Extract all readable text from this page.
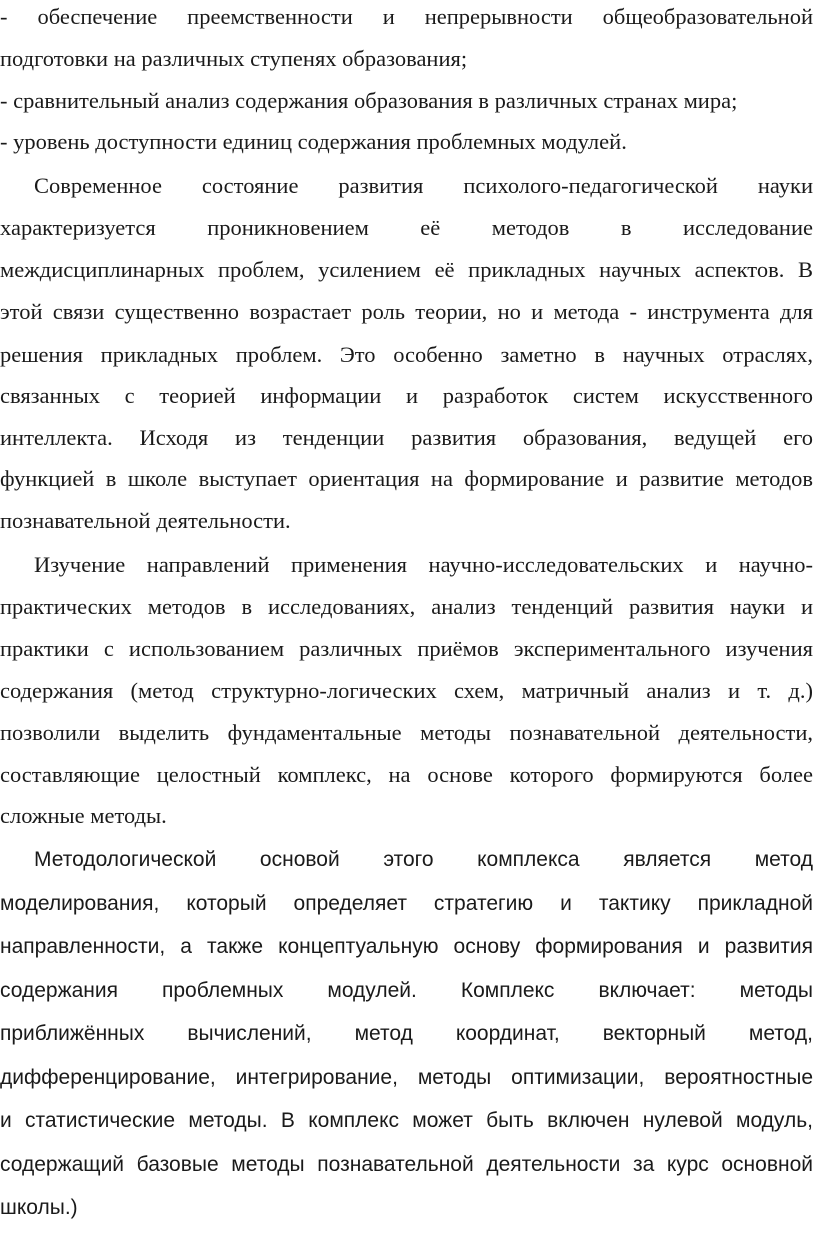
- обеспечение преемственности и непрерывности общеобразовательной
подготовки на различных ступенях образования;
- сравнительный анализ содержания образования в различных странах мира;
- уровень доступности единиц содержания проблемных модулей.
Современное состояние развития психолого-педагогической науки
характеризуется проникновением её методов в исследование
междисциплинарных проблем, усилением её прикладных научных аспектов. В
этой связи существенно возрастает роль теории, но и метода - инструмента для
решения прикладных проблем. Это особенно заметно в научных отраслях,
связанных с теорией информации и разработок систем искусственного
интеллекта. Исходя из тенденции развития образования, ведущей его
функцией в школе выступает ориентация на формирование и развитие методов
познавательной деятельности.
Изучение направлений применения научно-исследовательских и научно-
практических методов в исследованиях, анализ тенденций развития науки и
практики с использованием различных приёмов экспериментального изучения
содержания (метод структурно-логических схем, матричный анализ и т. д.)
позволили выделить фундаментальные методы познавательной деятельности,
составляющие целостный комплекс, на основе которого формируются более
сложные методы.
Методологической основой этого комплекса является метод
моделирования, который определяет стратегию и тактику прикладной
направленности, а также концептуальную основу формирования и развития
содержания проблемных модулей. Комплекс включает: методы
приближённых вычислений, метод координат, векторный метод,
дифференцирование, интегрирование, методы оптимизации, вероятностные
и статистические методы. В комплекс может быть включен нулевой модуль,
содержащий базовые методы познавательной деятельности за курс основной
школы.)
